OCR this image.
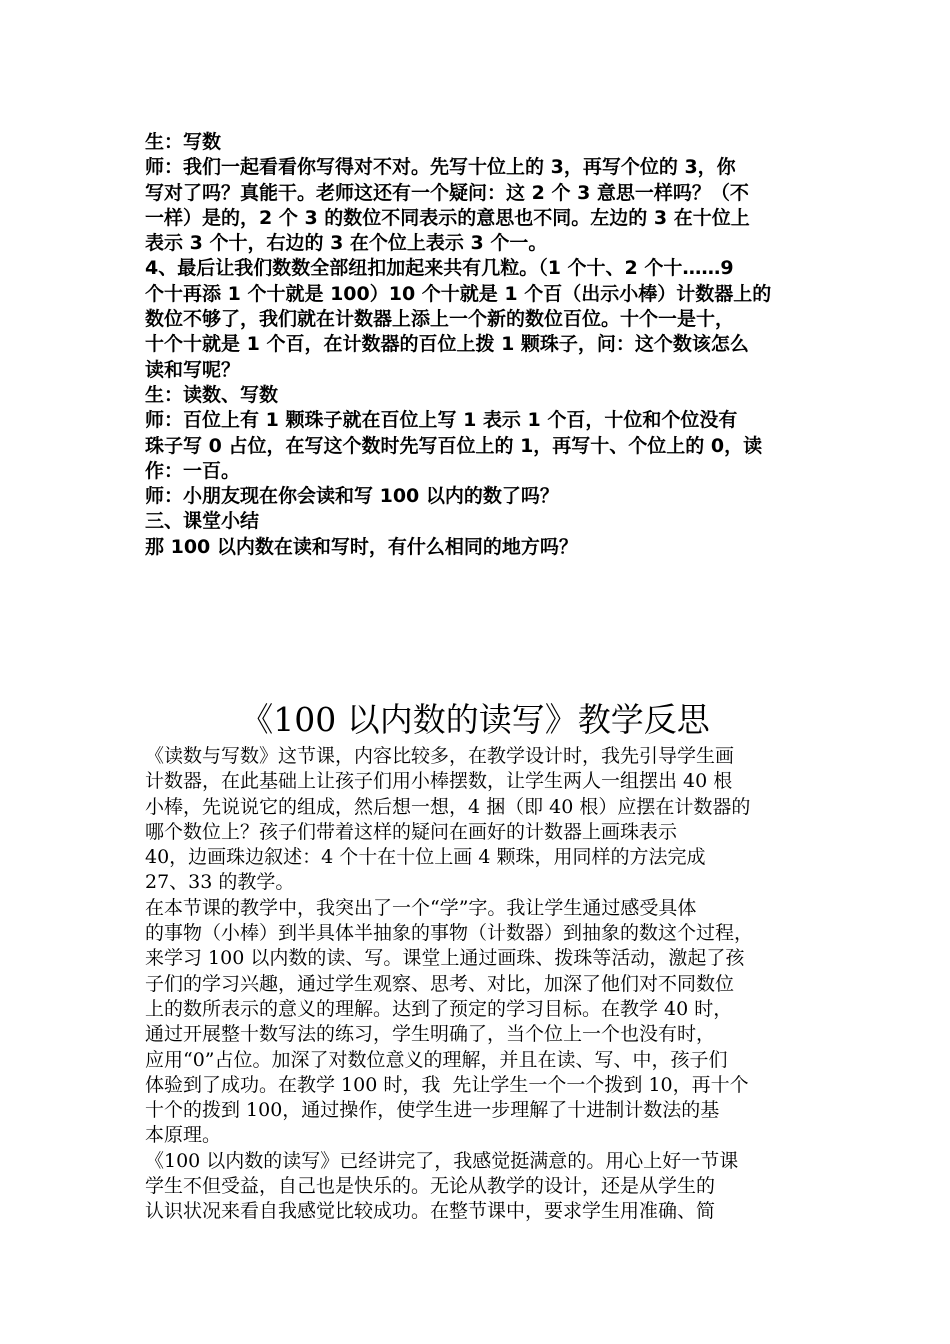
生：写数

师：我们一起看看你写得对不对。先写十位上的 3，再写个位的 3，你

写对了吗？真能干。老师这还有一个疑问：这 2 个 3 意思一样吗？（不

一样）是的，2 个 3 的数位不同表示的意思也不同。左边的 3 在十位上

表示 3 个十，右边的 3 在个位上表示 3 个一。

4、最后让我们数数全部纽扣加起来共有几粒。（1 个十、2 个十……9

个十再添 1 个十就是 100）10 个十就是 1 个百（出示小棒）计数器上的

数位不够了，我们就在计数器上添上一个新的数位百位。十个一是十，

十个十就是 1 个百，在计数器的百位上拨 1 颗珠子，问：这个数该怎么

读和写呢？

生：读数、写数

师：百位上有 1 颗珠子就在百位上写 1 表示 1 个百，十位和个位没有

珠子写 0 占位，在写这个数时先写百位上的 1，再写十、个位上的 0，读

作：一百。

师：小朋友现在你会读和写 100 以内的数了吗？

三、课堂小结

那 100 以内数在读和写时，有什么相同的地方吗？

《100 以内数的读写》教学反思

《读数与写数》这节课，内容比较多，在教学设计时，我先引导学生画

计数器，在此基础上让孩子们用小棒摆数，让学生两人一组摆出 40 根

小棒，先说说它的组成，然后想一想，4 捆（即 40 根）应摆在计数器的

哪个数位上？孩子们带着这样的疑问在画好的计数器上画珠表示

40，边画珠边叙述：4 个十在十位上画 4 颗珠，用同样的方法完成

27、33 的教学。

在本节课的教学中，我突出了一个“学”字。我让学生通过感受具体

的事物（小棒）到半具体半抽象的事物（计数器）到抽象的数这个过程，

来学习 100 以内数的读、写。课堂上通过画珠、拨珠等活动，激起了孩

子们的学习兴趣，通过学生观察、思考、对比，加深了他们对不同数位

上的数所表示的意义的理解。达到了预定的学习目标。在教学 40 时，

通过开展整十数写法的练习，学生明确了，当个位上一个也没有时，

应用“0”占位。加深了对数位意义的理解，并且在读、写、中，孩子们

体验到了成功。在教学 100 时，我  先让学生一个一个拨到 10，再十个

十个的拨到 100，通过操作，使学生进一步理解了十进制计数法的基

本原理。

《100 以内数的读写》已经讲完了，我感觉挺满意的。用心上好一节课

学生不但受益，自己也是快乐的。无论从教学的设计，还是从学生的

认识状况来看自我感觉比较成功。在整节课中，要求学生用准确、简
